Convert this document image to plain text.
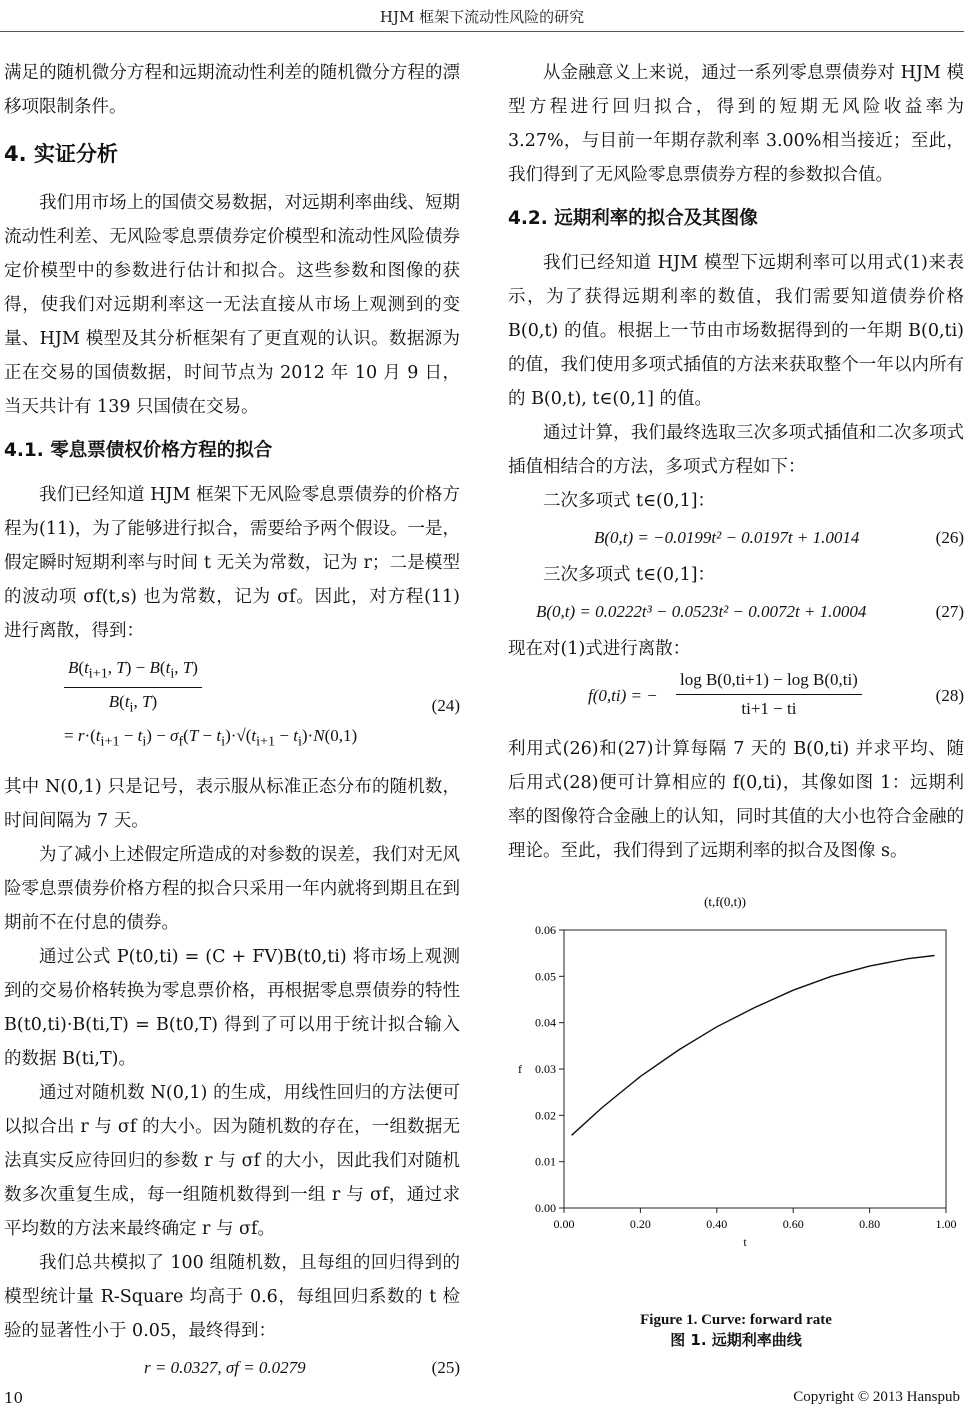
HJM 框架下流动性风险的研究

满足的随机微分方程和远期流动性利差的随机微分方程的漂移项限制条件。

4. 实证分析

我们用市场上的国债交易数据，对远期利率曲线、短期流动性利差、无风险零息票债券定价模型和流动性风险债券定价模型中的参数进行估计和拟合。这些参数和图像的获得，使我们对远期利率这一无法直接从市场上观测到的变量、HJM 模型及其分析框架有了更直观的认识。数据源为正在交易的国债数据，时间节点为 2012 年 10 月 9 日，当天共计有 139 只国债在交易。

4.1. 零息票债权价格方程的拟合

我们已经知道 HJM 框架下无风险零息票债券的价格方程为(11)，为了能够进行拟合，需要给予两个假设。一是，假定瞬时短期利率与时间 t 无关为常数，记为 r；二是模型的波动项 σf(t,s) 也为常数，记为 σf。因此，对方程(11)进行离散，得到：

$\frac{B(t_{i+1}, T) - B(t_i, T)}{B(t_i, T)}$
= $r\cdot(t_{i+1} - t_i) - \sigma_f(T - t_i)\cdot√(t_{i+1} - t_i)\cdot N(0,1)$
(24)

其中 N(0,1) 只是记号，表示服从标准正态分布的随机数，时间间隔为 7 天。

为了减小上述假定所造成的对参数的误差，我们对无风险零息票债券价格方程的拟合只采用一年内就将到期且在到期前不在付息的债券。

通过公式 P(t0,ti) = (C + FV)B(t0,ti) 将市场上观测到的交易价格转换为零息票价格，再根据零息票债券的特性 B(t0,ti)·B(ti,T) = B(t0,T) 得到了可以用于统计拟合输入的数据 B(ti,T)。

通过对随机数 N(0,1) 的生成，用线性回归的方法便可以拟合出 r 与 σf 的大小。因为随机数的存在，一组数据无法真实反应待回归的参数 r 与 σf 的大小，因此我们对随机数多次重复生成，每一组随机数得到一组 r 与 σf，通过求平均数的方法来最终确定 r 与 σf。

我们总共模拟了 100 组随机数，且每组的回归得到的模型统计量 R-Square 均高于 0.6，每组回归系数的 t 检验的显著性小于 0.05，最终得到：

r = 0.0327, σf = 0.0279	(25)

从金融意义上来说，通过一系列零息票债券对 HJM 模型方程进行回归拟合，得到的短期无风险收益率为 3.27%，与目前一年期存款利率 3.00%相当接近；至此，我们得到了无风险零息票债券方程的参数拟合值。

4.2. 远期利率的拟合及其图像

我们已经知道 HJM 模型下远期利率可以用式(1)来表示，为了获得远期利率的数值，我们需要知道债券价格 B(0,t) 的值。根据上一节由市场数据得到的一年期 B(0,ti) 的值，我们使用多项式插值的方法来获取整个一年以内所有的 B(0,t), t∈(0,1] 的值。

通过计算，我们最终选取三次多项式插值和二次多项式插值相结合的方法，多项式方程如下：

二次多项式 t∈(0,1]：

B(0,t) = −0.0199t² − 0.0197t + 1.0014	(26)

三次多项式 t∈(0,1]：

B(0,t) = 0.0222t³ − 0.0523t² − 0.0072t + 1.0004	(27)

现在对(1)式进行离散：

f(0,ti) = − $\frac{\text{log B(0,ti+1) − log B(0,ti)}}{ti+1 - ti}$	(28)

利用式(26)和(27)计算每隔 7 天的 B(0,ti) 并求平均、随后用式(28)便可计算相应的 f(0,ti)，其像如图 1：远期利率的图像符合金融上的认知，同时其值的大小也符合金融的理论。至此，我们得到了远期利率的拟合及图像 s。

(t,f(0,t))
0.00
0.01
0.02
0.03
0.04
0.05
0.06
0.00	0.20	0.40	0.60	0.80	1.00
t
f
Figure 1. Curve: forward rate
图 1. 远期利率曲线
10	Copyright © 2013 Hanspub
